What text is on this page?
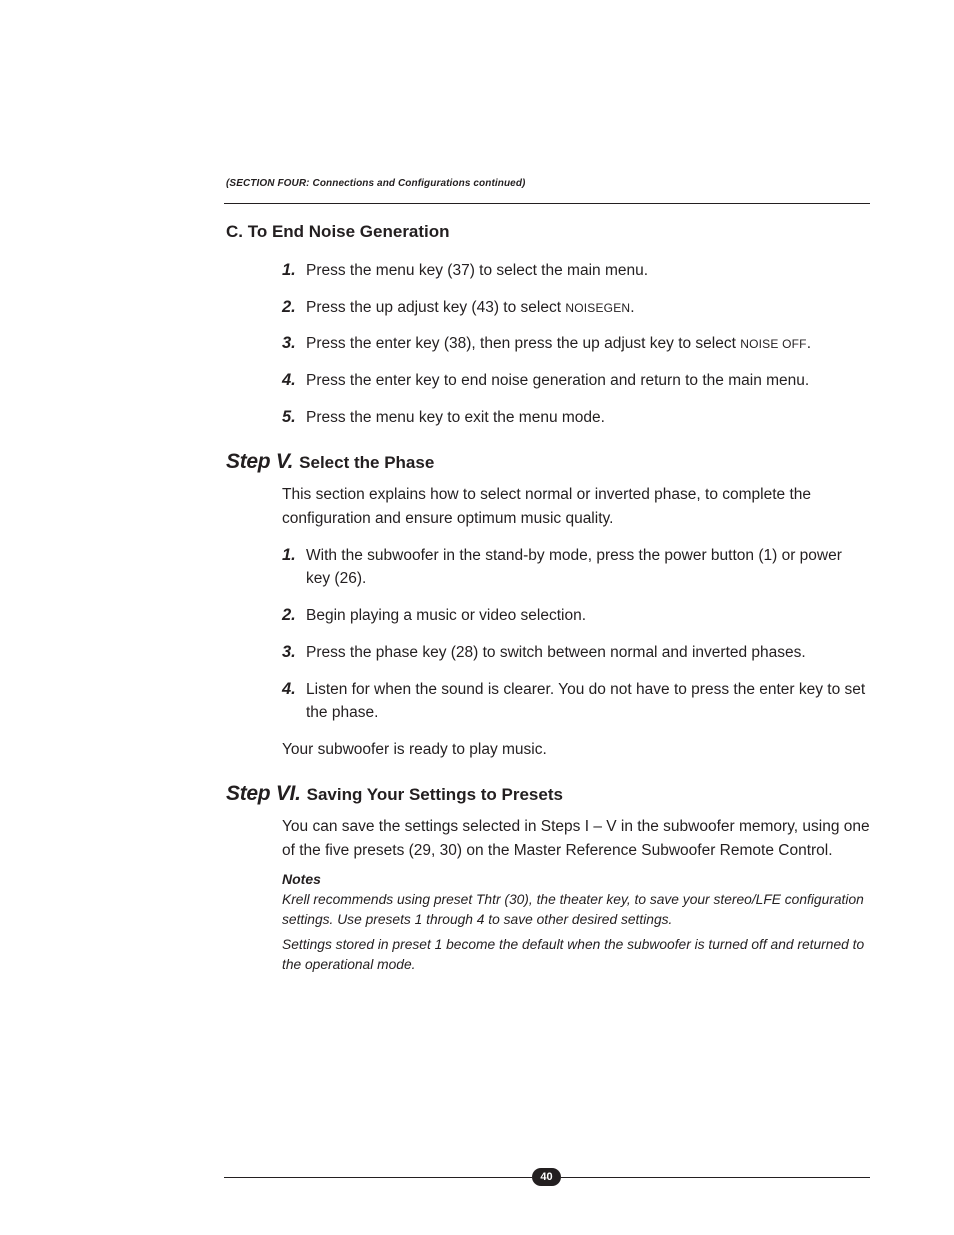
(SECTION FOUR: Connections and Configurations continued)
C. To End Noise Generation
1. Press the menu key (37) to select the main menu.
2. Press the up adjust key (43) to select NOISEGEN.
3. Press the enter key (38), then press the up adjust key to select NOISE OFF.
4. Press the enter key to end noise generation and return to the main menu.
5. Press the menu key to exit the menu mode.
Step V. Select the Phase
This section explains how to select normal or inverted phase, to complete the configuration and ensure optimum music quality.
1. With the subwoofer in the stand-by mode, press the power button (1) or power key (26).
2. Begin playing a music or video selection.
3. Press the phase key (28) to switch between normal and inverted phases.
4. Listen for when the sound is clearer. You do not have to press the enter key to set the phase.
Your subwoofer is ready to play music.
Step VI. Saving Your Settings to Presets
You can save the settings selected in Steps I – V in the subwoofer memory, using one of the five presets (29, 30) on the Master Reference Subwoofer Remote Control.
Notes
Krell recommends using preset Thtr (30), the theater key, to save your stereo/LFE configuration settings. Use presets 1 through 4 to save other desired settings.
Settings stored in preset 1 become the default when the subwoofer is turned off and returned to the operational mode.
40
